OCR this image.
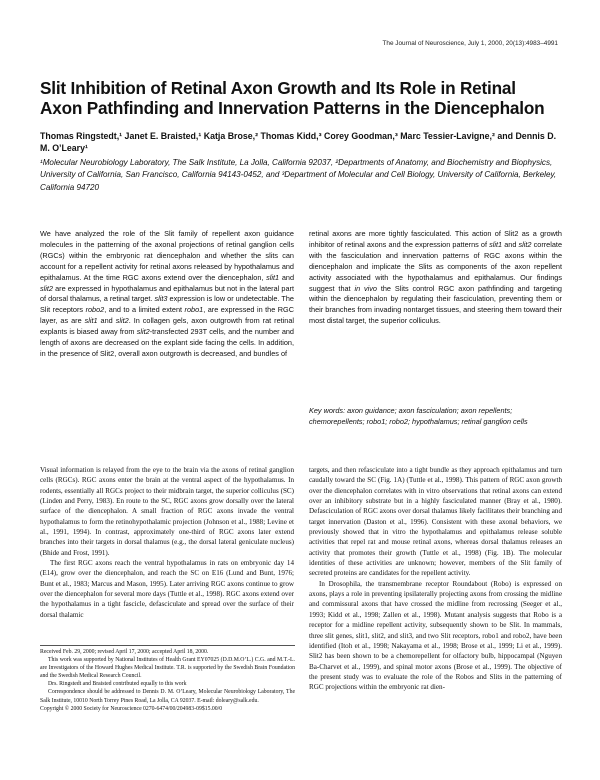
The Journal of Neuroscience, July 1, 2000, 20(13):4983–4991
Slit Inhibition of Retinal Axon Growth and Its Role in Retinal Axon Pathfinding and Innervation Patterns in the Diencephalon
Thomas Ringstedt,¹ Janet E. Braisted,¹ Katja Brose,² Thomas Kidd,³ Corey Goodman,³ Marc Tessier-Lavigne,² and Dennis D. M. O’Leary¹
¹Molecular Neurobiology Laboratory, The Salk Institute, La Jolla, California 92037, ²Departments of Anatomy, and Biochemistry and Biophysics, University of California, San Francisco, California 94143-0452, and ³Department of Molecular and Cell Biology, University of California, Berkeley, California 94720
We have analyzed the role of the Slit family of repellent axon guidance molecules in the patterning of the axonal projections of retinal ganglion cells (RGCs) within the embryonic rat diencephalon and whether the slits can account for a repellent activity for retinal axons released by hypothalamus and epithalamus. At the time RGC axons extend over the diencephalon, slit1 and slit2 are expressed in hypothalamus and epithalamus but not in the lateral part of dorsal thalamus, a retinal target. slit3 expression is low or undetectable. The Slit receptors robo2, and to a limited extent robo1, are expressed in the RGC layer, as are slit1 and slit2. In collagen gels, axon outgrowth from rat retinal explants is biased away from slit2-transfected 293T cells, and the number and length of axons are decreased on the explant side facing the cells. In addition, in the presence of Slit2, overall axon outgrowth is decreased, and bundles of
retinal axons are more tightly fasciculated. This action of Slit2 as a growth inhibitor of retinal axons and the expression patterns of slit1 and slit2 correlate with the fasciculation and innervation patterns of RGC axons within the diencephalon and implicate the Slits as components of the axon repellent activity associated with the hypothalamus and epithalamus. Our findings suggest that in vivo the Slits control RGC axon pathfinding and targeting within the diencephalon by regulating their fasciculation, preventing them or their branches from invading nontarget tissues, and steering them toward their most distal target, the superior colliculus.
Key words: axon guidance; axon fasciculation; axon repellents; chemorepellents; robo1; robo2; hypothalamus; retinal ganglion cells

Visual information is relayed from the eye to the brain via the axons of retinal ganglion cells (RGCs). RGC axons enter the brain at the ventral aspect of the hypothalamus. In rodents, essentially all RGCs project to their midbrain target, the superior colliculus (SC) (Linden and Perry, 1983). En route to the SC, RGC axons grow dorsally over the lateral surface of the diencephalon. A small fraction of RGC axons invade the ventral hypothalamus to form the retinohypothalamic projection (Johnson et al., 1988; Levine et al., 1991, 1994). In contrast, approximately one-third of RGC axons later extend branches into their targets in dorsal thalamus (e.g., the dorsal lateral geniculate nucleus) (Bhide and Frost, 1991).

The first RGC axons reach the ventral hypothalamus in rats on embryonic day 14 (E14), grow over the diencephalon, and reach the SC on E16 (Lund and Bunt, 1976; Bunt et al., 1983; Marcus and Mason, 1995). Later arriving RGC axons continue to grow over the diencephalon for several more days (Tuttle et al., 1998). RGC axons extend over the hypothalamus in a tight fascicle, defasciculate and spread over the surface of their dorsal thalamic

targets, and then refasciculate into a tight bundle as they approach epithalamus and turn caudally toward the SC (Fig. 1A) (Tuttle et al., 1998). This pattern of RGC axon growth over the diencephalon correlates with in vitro observations that retinal axons can extend over an inhibitory substrate but in a highly fasciculated manner (Bray et al., 1980). Defasciculation of RGC axons over dorsal thalamus likely facilitates their branching and target innervation (Daston et al., 1996). Consistent with these axonal behaviors, we previously showed that in vitro the hypothalamus and epithalamus release soluble activities that repel rat and mouse retinal axons, whereas dorsal thalamus releases an activity that promotes their growth (Tuttle et al., 1998) (Fig. 1B). The molecular identities of these activities are unknown; however, members of the Slit family of secreted proteins are candidates for the repellent activity.

In Drosophila, the transmembrane receptor Roundabout (Robo) is expressed on axons, plays a role in preventing ipsilaterally projecting axons from crossing the midline and commissural axons that have crossed the midline from recrossing (Seeger et al., 1993; Kidd et al., 1998; Zallen et al., 1998). Mutant analysis suggests that Robo is a receptor for a midline repellent activity, subsequently shown to be Slit. In mammals, three slit genes, slit1, slit2, and slit3, and two Slit receptors, robo1 and robo2, have been identified (Itoh et al., 1998; Nakayama et al., 1998; Brose et al., 1999; Li et al., 1999). Slit2 has been shown to be a chemorepellent for olfactory bulb, hippocampal (Nguyen Ba-Charvet et al., 1999), and spinal motor axons (Brose et al., 1999). The objective of the present study was to evaluate the role of the Robos and Slits in the patterning of RGC projections within the embryonic rat dien-

Received Feb. 29, 2000; revised April 17, 2000; accepted April 18, 2000.

This work was supported by National Institutes of Health Grant EY07025 (D.D.M.O’L.) C.G. and M.T.-L. are Investigators of the Howard Hughes Medical Institute. T.R. is supported by the Swedish Brain Foundation and the Swedish Medical Research Council.

Drs. Ringstedt and Braisted contributed equally to this work

Correspondence should be addressed to Dennis D. M. O’Leary, Molecular Neurobiology Laboratory, The Salk Institute, 10010 North Torrey Pines Road, La Jolla, CA 92037. E-mail: doleary@salk.edu.

Copyright © 2000 Society for Neuroscience 0270-6474/00/204983-09$15.00/0
